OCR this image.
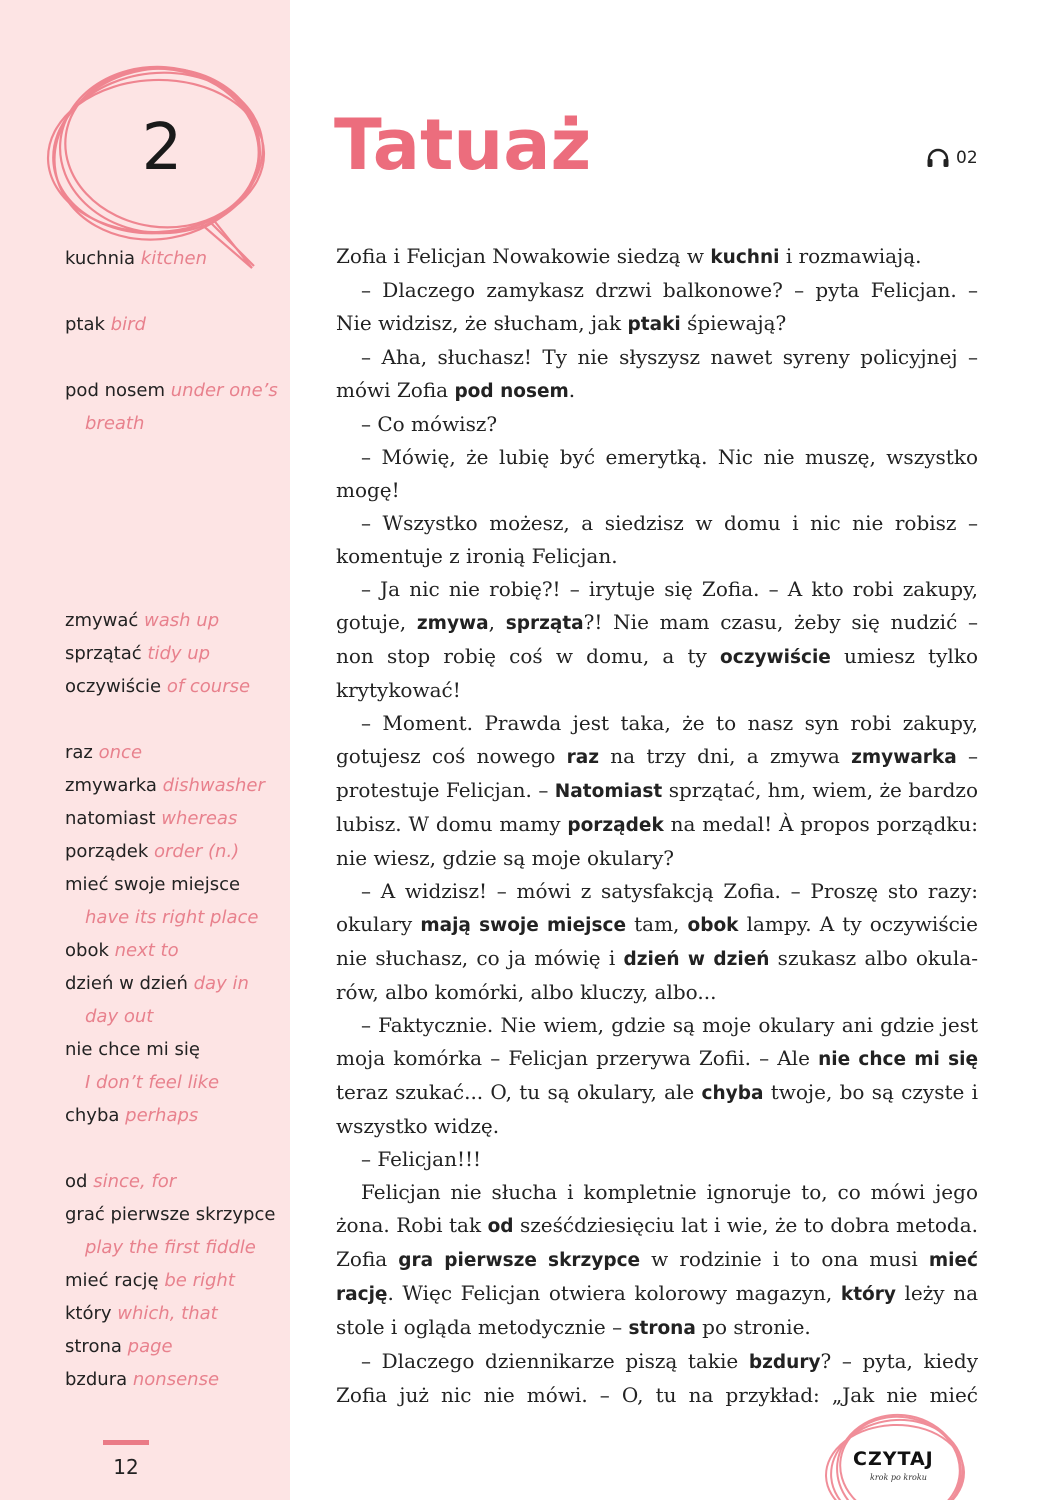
2
kuchnia kitchen
ptak bird
pod nosem under one’s
breath
zmywać wash up
sprzątać tidy up
oczywiście of course
raz once
zmywarka dishwasher
natomiast whereas
porządek order (n.)
mieć swoje miejsce
have its right place
obok next to
dzień w dzień day in
day out
nie chce mi się
I don’t feel like
chyba perhaps
od since, for
grać pierwsze skrzypce
play the first fiddle
mieć rację be right
który which, that
strona page
bzdura nonsense
12
Tatuaż	02

Zofia i Felicjan Nowakowie siedzą w kuchni i rozmawiają.

– Dlaczego zamykasz drzwi balkonowe? – pyta Felicjan. – Nie widzisz, że słucham, jak ptaki śpiewają?

– Aha, słuchasz! Ty nie słyszysz nawet syreny policyjnej – mówi Zofia pod nosem.

– Co mówisz?

– Mówię, że lubię być emerytką. Nic nie muszę, wszystko mogę!

– Wszystko możesz, a siedzisz w domu i nic nie robisz – komentuje z ironią Felicjan.

– Ja nic nie robię?! – irytuje się Zofia. – A kto robi zakupy, gotuje, zmywa, sprząta?! Nie mam czasu, żeby się nudzić – non stop robię coś w domu, a ty oczywiście umiesz tylko krytykować!

– Moment. Prawda jest taka, że to nasz syn robi zakupy, gotujesz coś nowego raz na trzy dni, a zmywa zmywarka – protestuje Felicjan. – Natomiast sprzątać, hm, wiem, że bardzo lubisz. W domu mamy porządek na medal! À propos porządku: nie wiesz, gdzie są moje okulary?

– A widzisz! – mówi z satysfakcją Zofia. – Proszę sto razy: okulary mają swoje miejsce tam, obok lampy. A ty oczywiście nie słuchasz, co ja mówię i dzień w dzień szukasz albo okularów, albo komórki, albo kluczy, albo...

– Faktycznie. Nie wiem, gdzie są moje okulary ani gdzie jest moja komórka – Felicjan przerywa Zofii. – Ale nie chce mi się teraz szukać... O, tu są okulary, ale chyba twoje, bo są czyste i wszystko widzę.

– Felicjan!!!

Felicjan nie słucha i kompletnie ignoruje to, co mówi jego żona. Robi tak od sześćdziesięciu lat i wie, że to dobra metoda. Zofia gra pierwsze skrzypce w rodzinie i to ona musi mieć rację. Więc Felicjan otwiera kolorowy magazyn, który leży na stole i ogląda metodycznie – strona po stronie.

– Dlaczego dziennikarze piszą takie bzdury? – pyta, kiedy Zofia już nic nie mówi. – O, tu na przykład: „Jak nie mieć

CZYTAJ
krok po kroku
